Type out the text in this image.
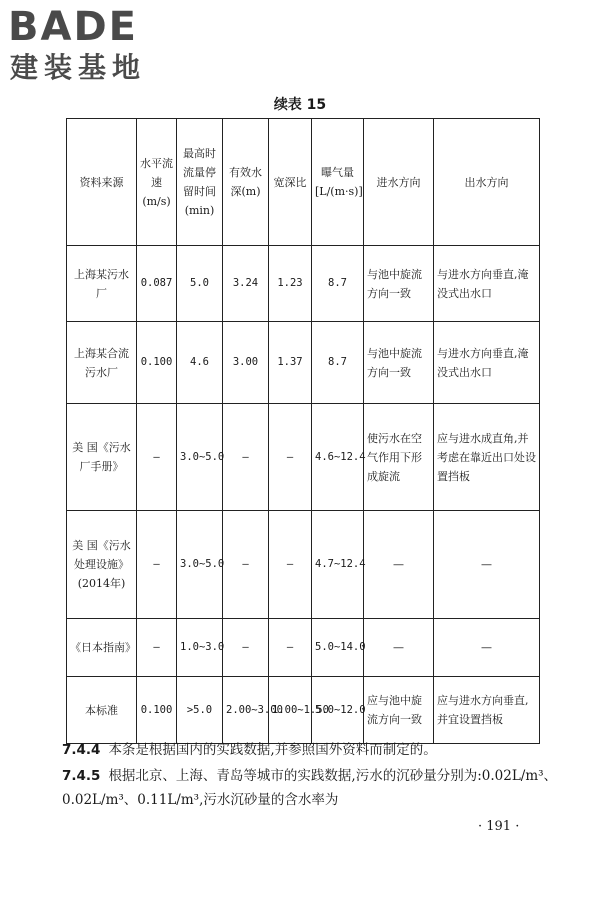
BADE
建装基地
续表 15
资料来源	水平流速(m/s)	最高时流量停留时间(min)	有效水深(m)	宽深比	曝气量[L/(m·s)]	进水方向	出水方向
上海某污水厂	0.087	5.0	3.24	1.23	8.7	与池中旋流方向一致	与进水方向垂直,淹没式出水口
上海某合流污水厂	0.100	4.6	3.00	1.37	8.7	与池中旋流方向一致	与进水方向垂直,淹没式出水口
美 国《污水厂手册》	—	3.0~5.0	—	—	4.6~12.4	使污水在空气作用下形成旋流	应与进水成直角,并考虑在靠近出口处设置挡板
美 国《污水处理设施》(2014年)	—	3.0~5.0	—	—	4.7~12.4	—	—
《日本指南》	—	1.0~3.0	—	—	5.0~14.0	—	—
本标准	0.100	>5.0	2.00~3.00	1.00~1.50	5.0~12.0	应与池中旋流方向一致	应与进水方向垂直,并宜设置挡板
7.4.4 本条是根据国内的实践数据,并参照国外资料而制定的。
7.4.5 根据北京、上海、青岛等城市的实践数据,污水的沉砂量分别为:0.02L/m³、0.02L/m³、0.11L/m³,污水沉砂量的含水率为
· 191 ·
